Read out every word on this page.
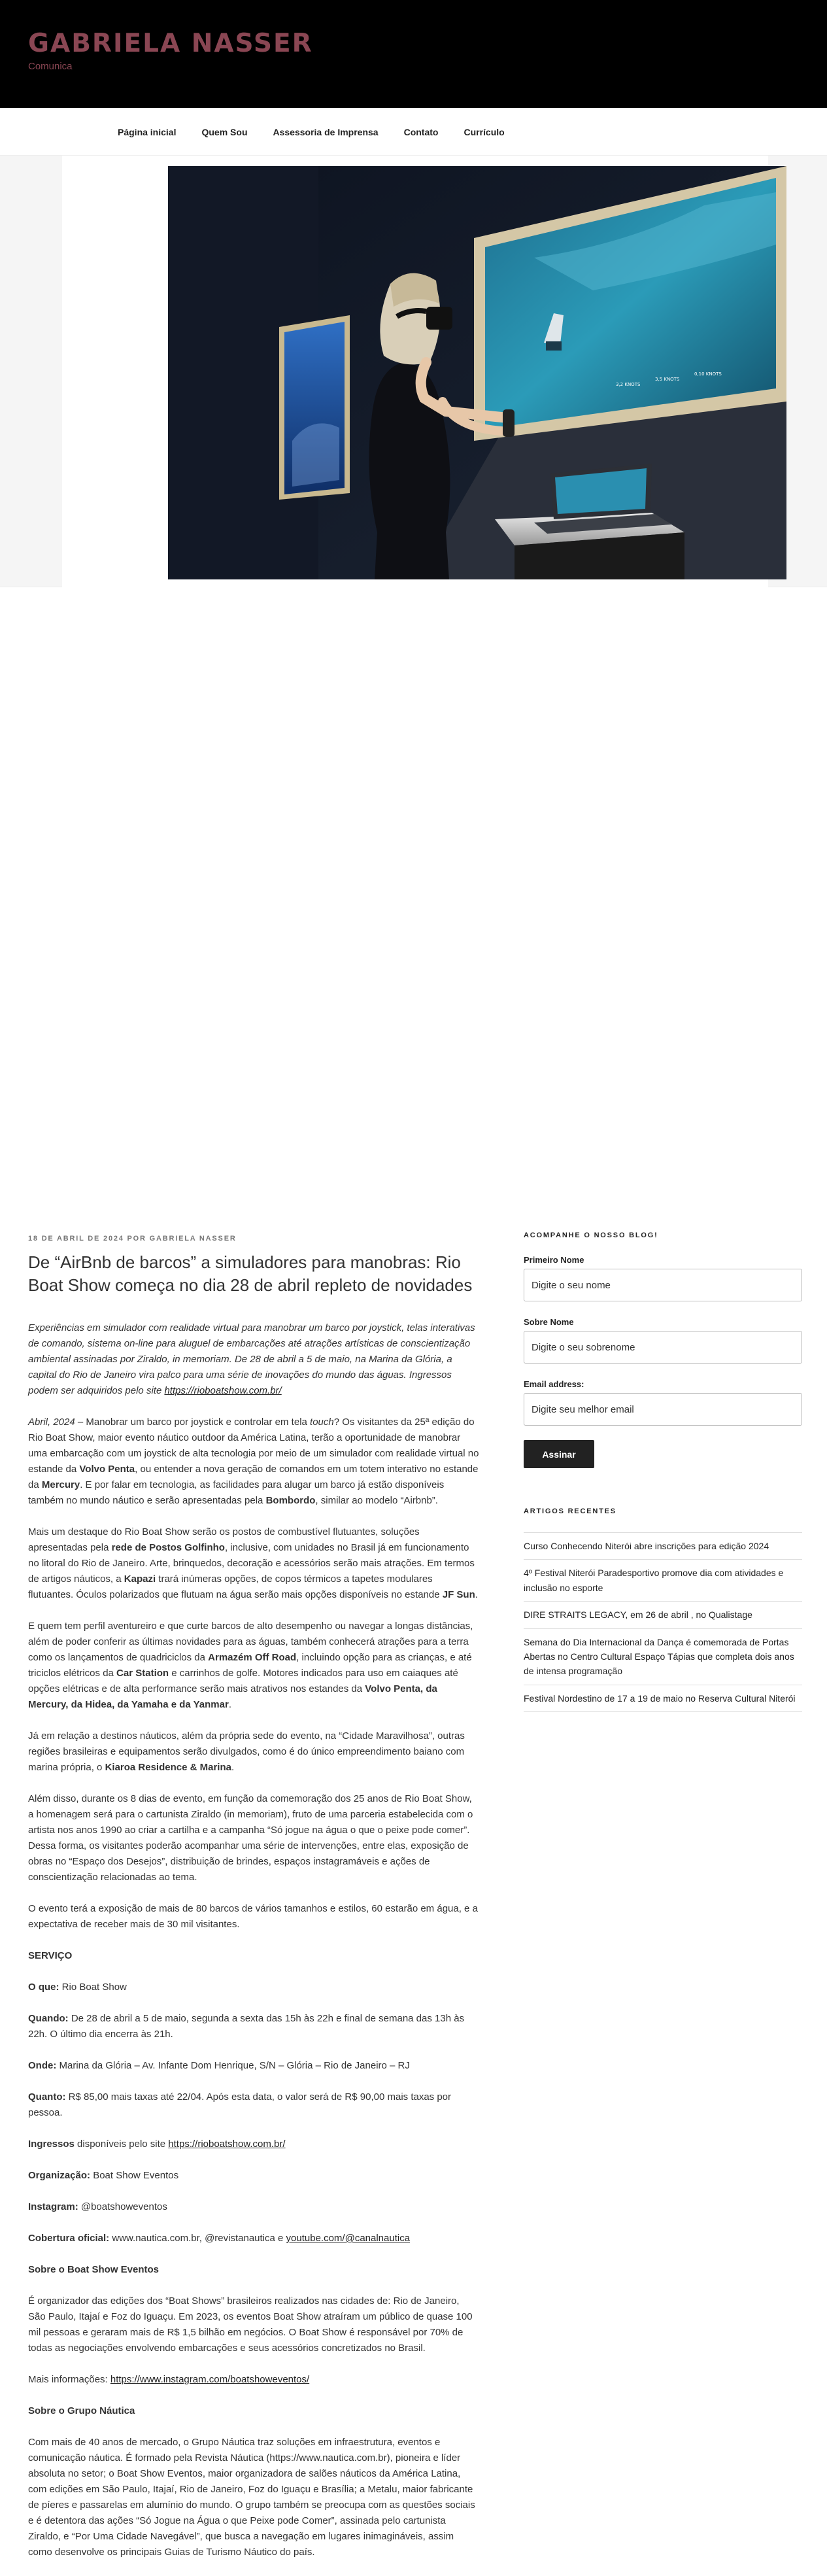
GABRIELA NASSER
Comunica
Página inicial	Quem Sou	Assessoria de Imprensa	Contato	Currículo
3,2 KNOTS
3,5 KNOTS
0,10 KNOTS
18 DE ABRIL DE 2024 POR GABRIELA NASSER
De “AirBnb de barcos” a simuladores para manobras: Rio Boat Show começa no dia 28 de abril repleto de novidades

Experiências em simulador com realidade virtual para manobrar um barco por joystick, telas interativas de comando, sistema on-line para aluguel de embarcações até atrações artísticas de conscientização ambiental assinadas por Ziraldo, in memoriam. De 28 de abril a 5 de maio, na Marina da Glória, a capital do Rio de Janeiro vira palco para uma série de inovações do mundo das águas. Ingressos podem ser adquiridos pelo site https://rioboatshow.com.br/

Abril, 2024 – Manobrar um barco por joystick e controlar em tela touch? Os visitantes da 25ª edição do Rio Boat Show, maior evento náutico outdoor da América Latina, terão a oportunidade de manobrar uma embarcação com um joystick de alta tecnologia por meio de um simulador com realidade virtual no estande da Volvo Penta, ou entender a nova geração de comandos em um totem interativo no estande da Mercury. E por falar em tecnologia, as facilidades para alugar um barco já estão disponíveis também no mundo náutico e serão apresentadas pela Bombordo, similar ao modelo “Airbnb”.

Mais um destaque do Rio Boat Show serão os postos de combustível flutuantes, soluções apresentadas pela rede de Postos Golfinho, inclusive, com unidades no Brasil já em funcionamento no litoral do Rio de Janeiro. Arte, brinquedos, decoração e acessórios serão mais atrações. Em termos de artigos náuticos, a Kapazi trará inúmeras opções, de copos térmicos a tapetes modulares flutuantes. Óculos polarizados que flutuam na água serão mais opções disponíveis no estande JF Sun.

E quem tem perfil aventureiro e que curte barcos de alto desempenho ou navegar a longas distâncias, além de poder conferir as últimas novidades para as águas, também conhecerá atrações para a terra como os lançamentos de quadriciclos da Armazém Off Road, incluindo opção para as crianças, e até triciclos elétricos da Car Station e carrinhos de golfe. Motores indicados para uso em caiaques até opções elétricas e de alta performance serão mais atrativos nos estandes da Volvo Penta, da Mercury, da Hidea, da Yamaha e da Yanmar.

Já em relação a destinos náuticos, além da própria sede do evento, na “Cidade Maravilhosa”, outras regiões brasileiras e equipamentos serão divulgados, como é do único empreendimento baiano com marina própria, o Kiaroa Residence & Marina.

Além disso, durante os 8 dias de evento, em função da comemoração dos 25 anos de Rio Boat Show, a homenagem será para o cartunista Ziraldo (in memoriam), fruto de uma parceria estabelecida com o artista nos anos 1990 ao criar a cartilha e a campanha “Só jogue na água o que o peixe pode comer”. Dessa forma, os visitantes poderão acompanhar uma série de intervenções, entre elas, exposição de obras no “Espaço dos Desejos”, distribuição de brindes, espaços instagramáveis e ações de conscientização relacionadas ao tema.

O evento terá a exposição de mais de 80 barcos de vários tamanhos e estilos, 60 estarão em água, e a expectativa de receber mais de 30 mil visitantes.

SERVIÇO

O que: Rio Boat Show

Quando: De 28 de abril a 5 de maio, segunda a sexta das 15h às 22h e final de semana das 13h às 22h. O último dia encerra às 21h.

Onde: Marina da Glória – Av. Infante Dom Henrique, S/N – Glória – Rio de Janeiro – RJ

Quanto: R$ 85,00 mais taxas até 22/04. Após esta data, o valor será de R$ 90,00 mais taxas por pessoa.

Ingressos disponíveis pelo site https://rioboatshow.com.br/

Organização: Boat Show Eventos

Instagram: @boatshoweventos

Cobertura oficial: www.nautica.com.br, @revistanautica e youtube.com/@canalnautica

Sobre o Boat Show Eventos

É organizador das edições dos “Boat Shows” brasileiros realizados nas cidades de: Rio de Janeiro, São Paulo, Itajaí e Foz do Iguaçu. Em 2023, os eventos Boat Show atraíram um público de quase 100 mil pessoas e geraram mais de R$ 1,5 bilhão em negócios. O Boat Show é responsável por 70% de todas as negociações envolvendo embarcações e seus acessórios concretizados no Brasil.

Mais informações: https://www.instagram.com/boatshoweventos/

Sobre o Grupo Náutica

Com mais de 40 anos de mercado, o Grupo Náutica traz soluções em infraestrutura, eventos e comunicação náutica. É formado pela Revista Náutica (https://www.nautica.com.br), pioneira e líder absoluta no setor; o Boat Show Eventos, maior organizadora de salões náuticos da América Latina, com edições em São Paulo, Itajaí, Rio de Janeiro, Foz do Iguaçu e Brasília; a Metalu, maior fabricante de píeres e passarelas em alumínio do mundo. O grupo também se preocupa com as questões sociais e é detentora das ações “Só Jogue na Água o que Peixe pode Comer”, assinada pelo cartunista Ziraldo, e “Por Uma Cidade Navegável”, que busca a navegação em lugares inimagináveis, assim como desenvolve os principais Guias de Turismo Náutico do país.

ACOMPANHE O NOSSO BLOG!
Primeiro Nome
Digite o seu nome
Sobre Nome
Digite o seu sobrenome
Email address:
Digite seu melhor email Assinar
ARTIGOS RECENTES
Curso Conhecendo Niterói abre inscrições para edição 2024
4º Festival Niterói Paradesportivo promove dia com atividades e inclusão no esporte
DIRE STRAITS LEGACY, em 26 de abril , no Qualistage
Semana do Dia Internacional da Dança é comemorada de Portas Abertas no Centro Cultural Espaço Tápias que completa dois anos de intensa programação
Festival Nordestino de 17 a 19 de maio no Reserva Cultural Niterói
